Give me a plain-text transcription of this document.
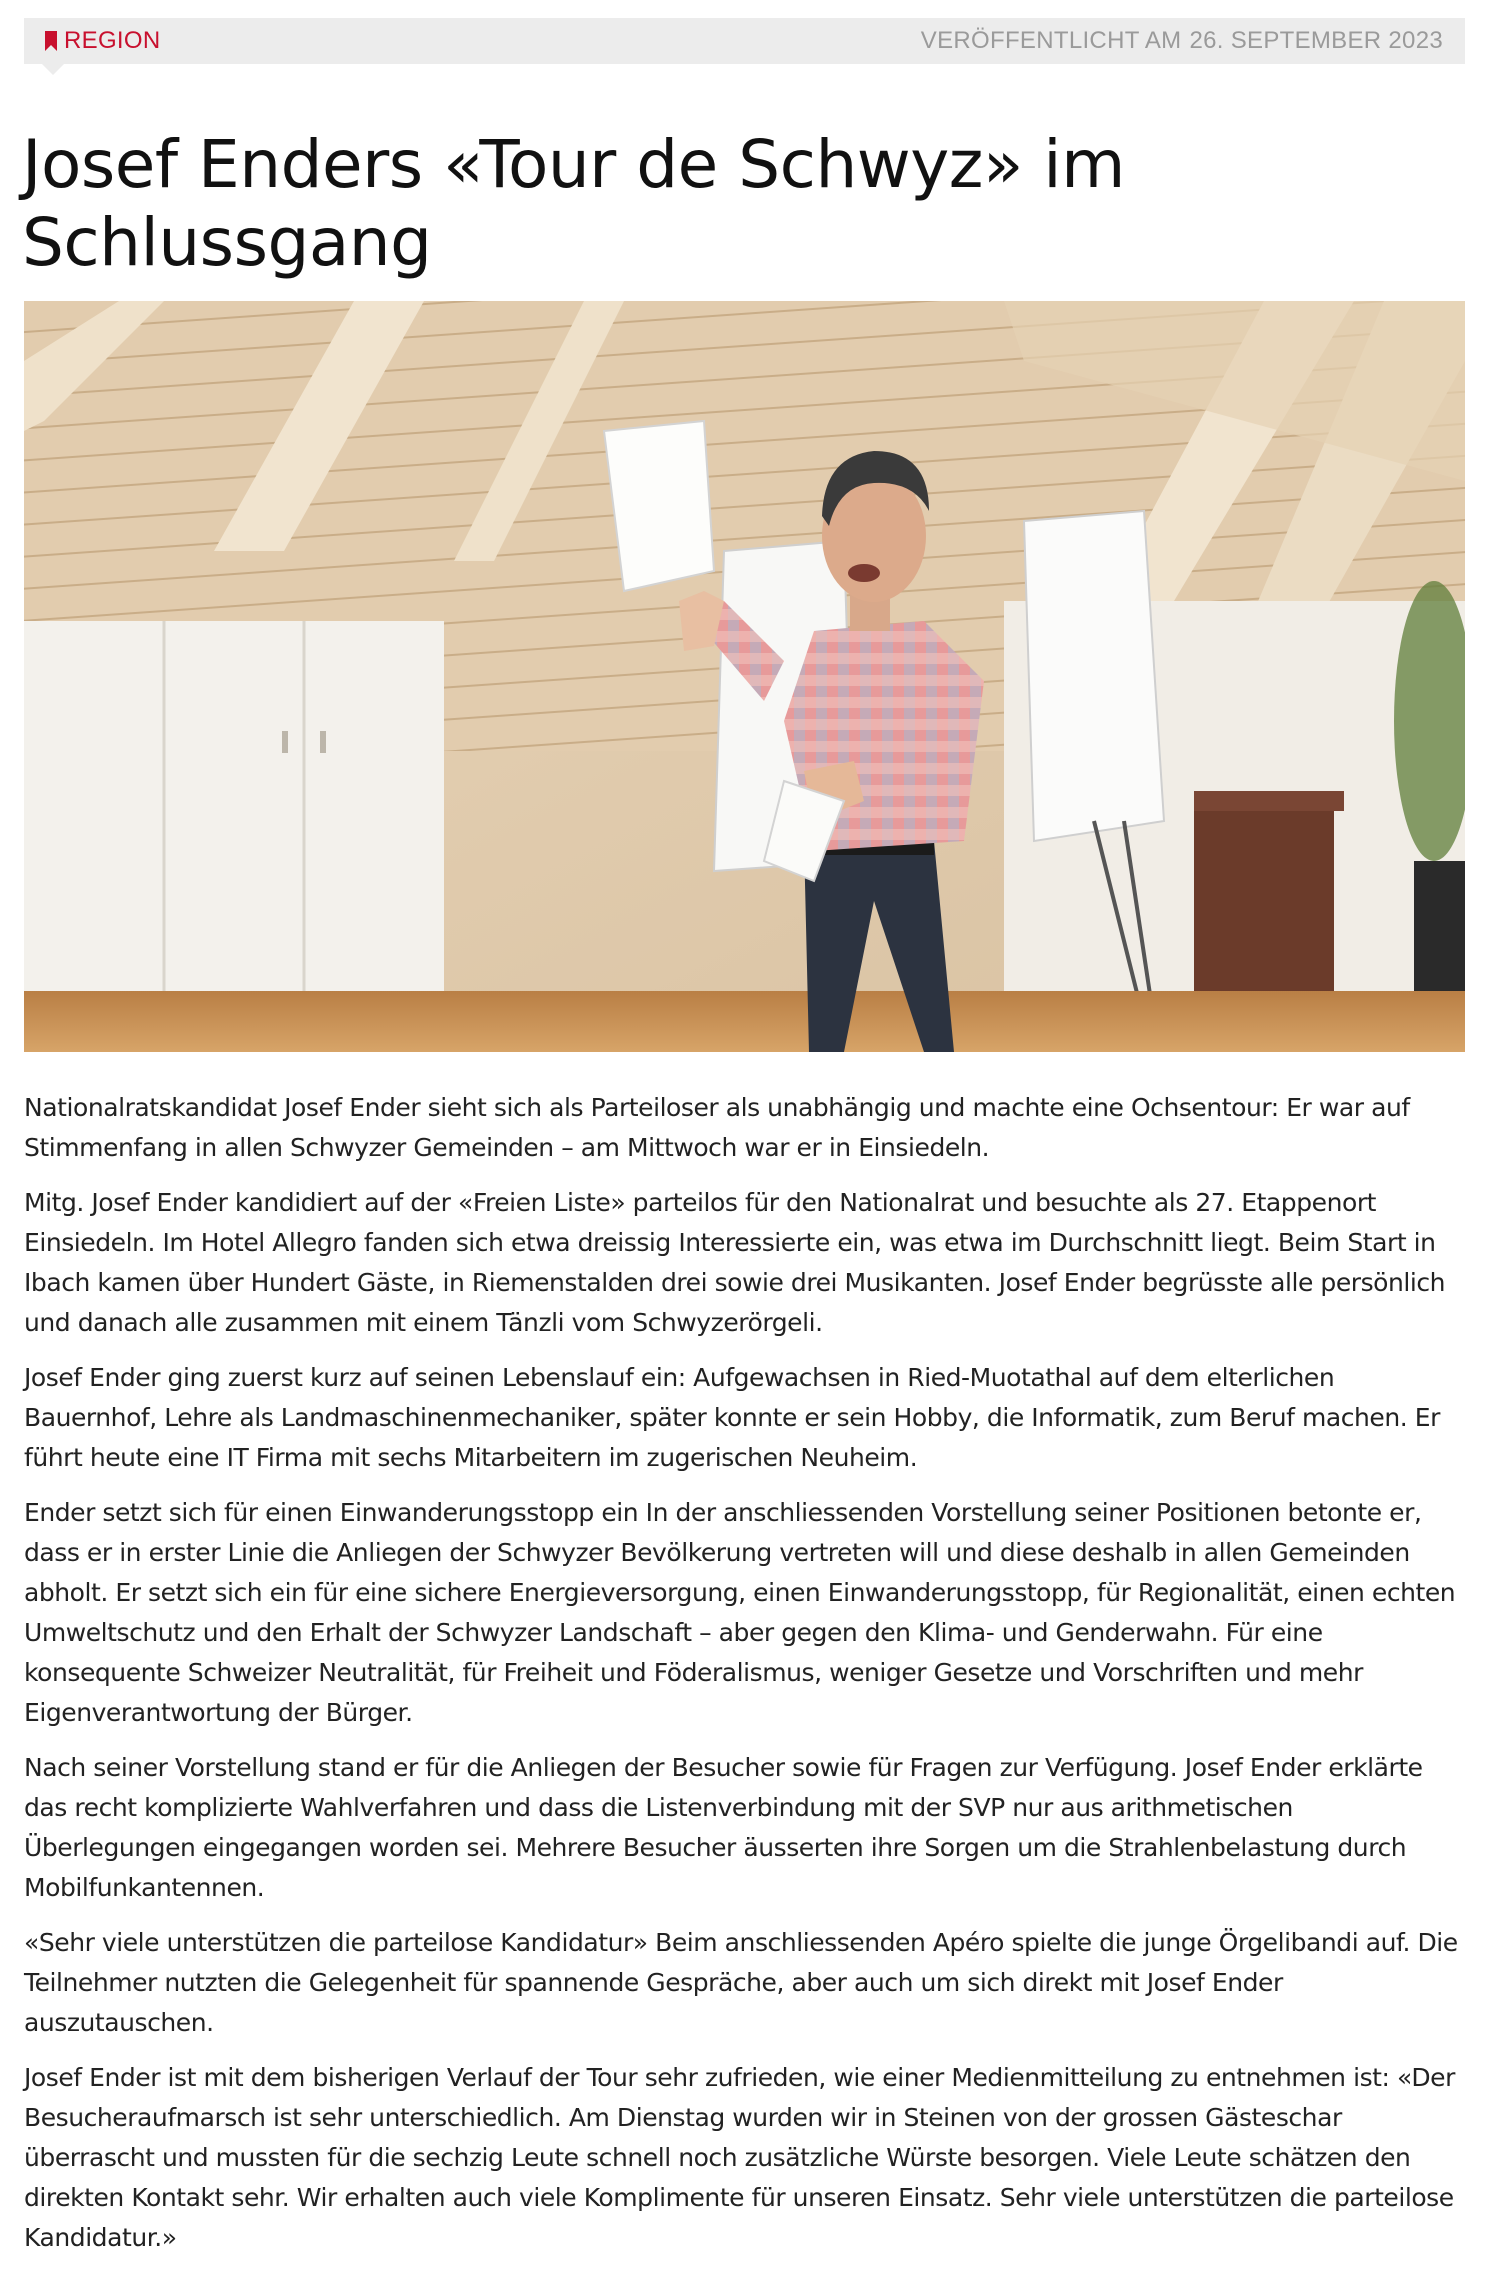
REGION	VERÖFFENTLICHT AM 26. SEPTEMBER 2023
Josef Enders «Tour de Schwyz» im Schlussgang

Nationalratskandidat Josef Ender sieht sich als Parteiloser als unabhängig und machte eine Ochsentour: Er war auf Stimmenfang in allen Schwyzer Gemeinden – am Mittwoch war er in Einsiedeln.

Mitg. Josef Ender kandidiert auf der «Freien Liste» parteilos für den Nationalrat und besuchte als 27. Etappenort Einsiedeln. Im Hotel Allegro fanden sich etwa dreissig Interessierte ein, was etwa im Durchschnitt liegt. Beim Start in Ibach kamen über Hundert Gäste, in Riemenstalden drei sowie drei Musikanten. Josef Ender begrüsste alle persönlich und danach alle zusammen mit einem Tänzli vom Schwyzerörgeli.

Josef Ender ging zuerst kurz auf seinen Lebenslauf ein: Aufgewachsen in Ried-Muotathal auf dem elterlichen Bauernhof, Lehre als Landmaschinenmechaniker, später konnte er sein Hobby, die Informatik, zum Beruf machen. Er führt heute eine IT Firma mit sechs Mitarbeitern im zugerischen Neuheim.

Ender setzt sich für einen Einwanderungsstopp ein In der anschliessenden Vorstellung seiner Positionen betonte er, dass er in erster Linie die Anliegen der Schwyzer Bevölkerung vertreten will und diese deshalb in allen Gemeinden abholt. Er setzt sich ein für eine sichere Energieversorgung, einen Einwanderungsstopp, für Regionalität, einen echten Umweltschutz und den Erhalt der Schwyzer Landschaft – aber gegen den Klima- und Genderwahn. Für eine konsequente Schweizer Neutralität, für Freiheit und Föderalismus, weniger Gesetze und Vorschriften und mehr Eigenverantwortung der Bürger.

Nach seiner Vorstellung stand er für die Anliegen der Besucher sowie für Fragen zur Verfügung. Josef Ender erklärte das recht komplizierte Wahlverfahren und dass die Listenverbindung mit der SVP nur aus arithmetischen Überlegungen eingegangen worden sei. Mehrere Besucher äusserten ihre Sorgen um die Strahlenbelastung durch Mobilfunkantennen.

«Sehr viele unterstützen die parteilose Kandidatur» Beim anschliessenden Apéro spielte die junge Örgelibandi auf. Die Teilnehmer nutzten die Gelegenheit für spannende Gespräche, aber auch um sich direkt mit Josef Ender auszutauschen.

Josef Ender ist mit dem bisherigen Verlauf der Tour sehr zufrieden, wie einer Medienmitteilung zu entnehmen ist: «Der Besucheraufmarsch ist sehr unterschiedlich. Am Dienstag wurden wir in Steinen von der grossen Gästeschar überrascht und mussten für die sechzig Leute schnell noch zusätzliche Würste besorgen. Viele Leute schätzen den direkten Kontakt sehr. Wir erhalten auch viele Komplimente für unseren Einsatz. Sehr viele unterstützen die parteilose Kandidatur.»
